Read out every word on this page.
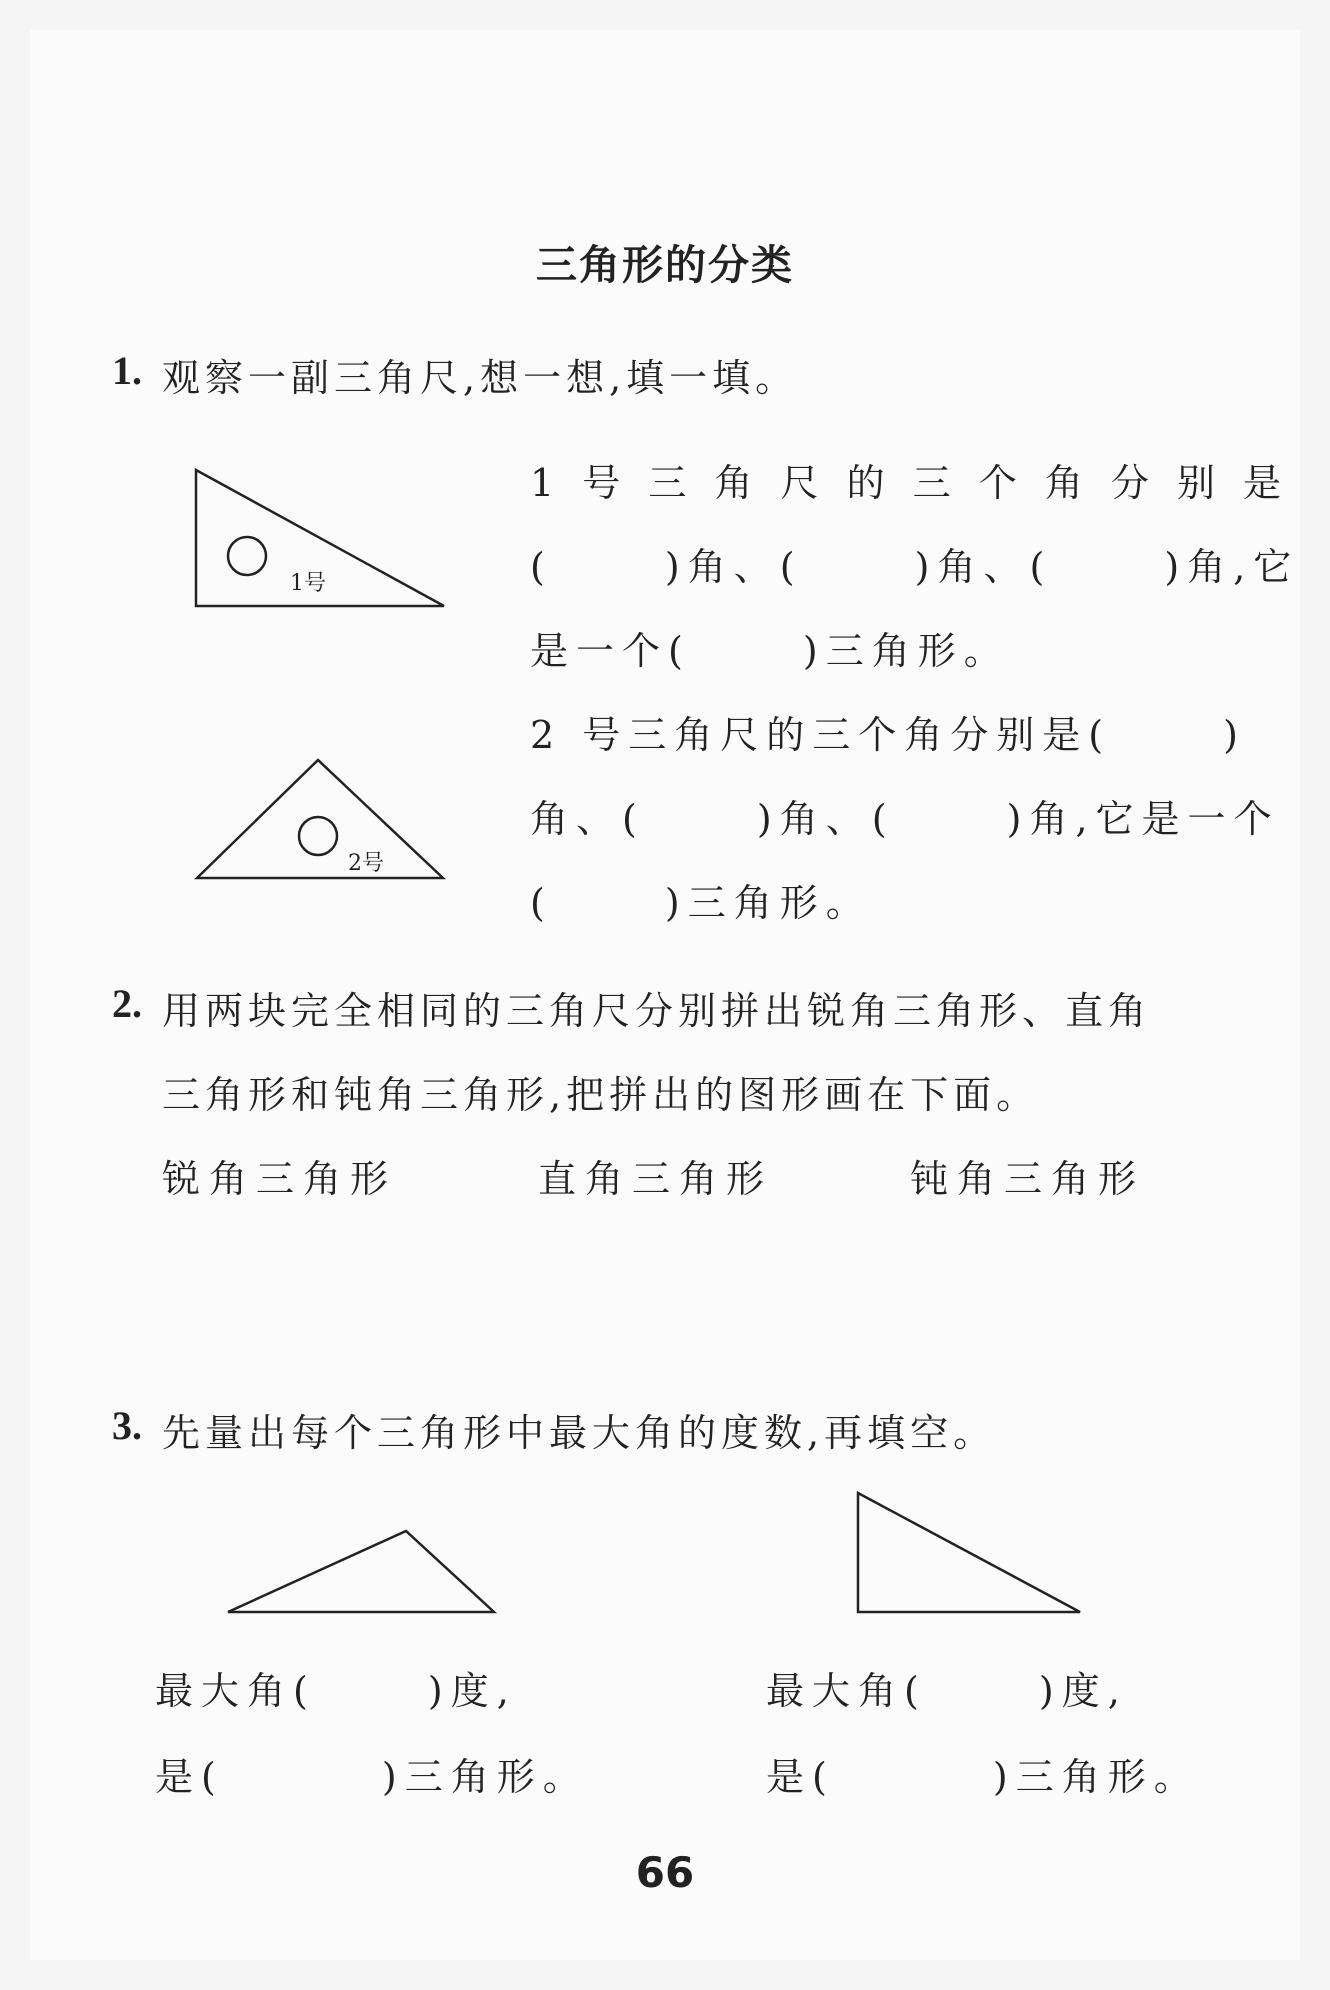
三角形的分类
1. 观察一副三角尺,想一想,填一填。
1号
2号
1 号 三 角 尺 的 三 个 角 分 别 是
(　　 )角、(　　 )角、(　　 )角,它
是一个(　　 )三角形。
2 号三角尺的三个角分别是(　　 )
角、(　　 )角、(　　 )角,它是一个
(　　 )三角形。
2. 用两块完全相同的三角尺分别拼出锐角三角形、直角
三角形和钝角三角形,把拼出的图形画在下面。
锐角三角形	直角三角形	钝角三角形
3. 先量出每个三角形中最大角的度数,再填空。
最大角(　　 )度,
是(　　　 )三角形。
最大角(　　 )度,
是(　　　 )三角形。
66
